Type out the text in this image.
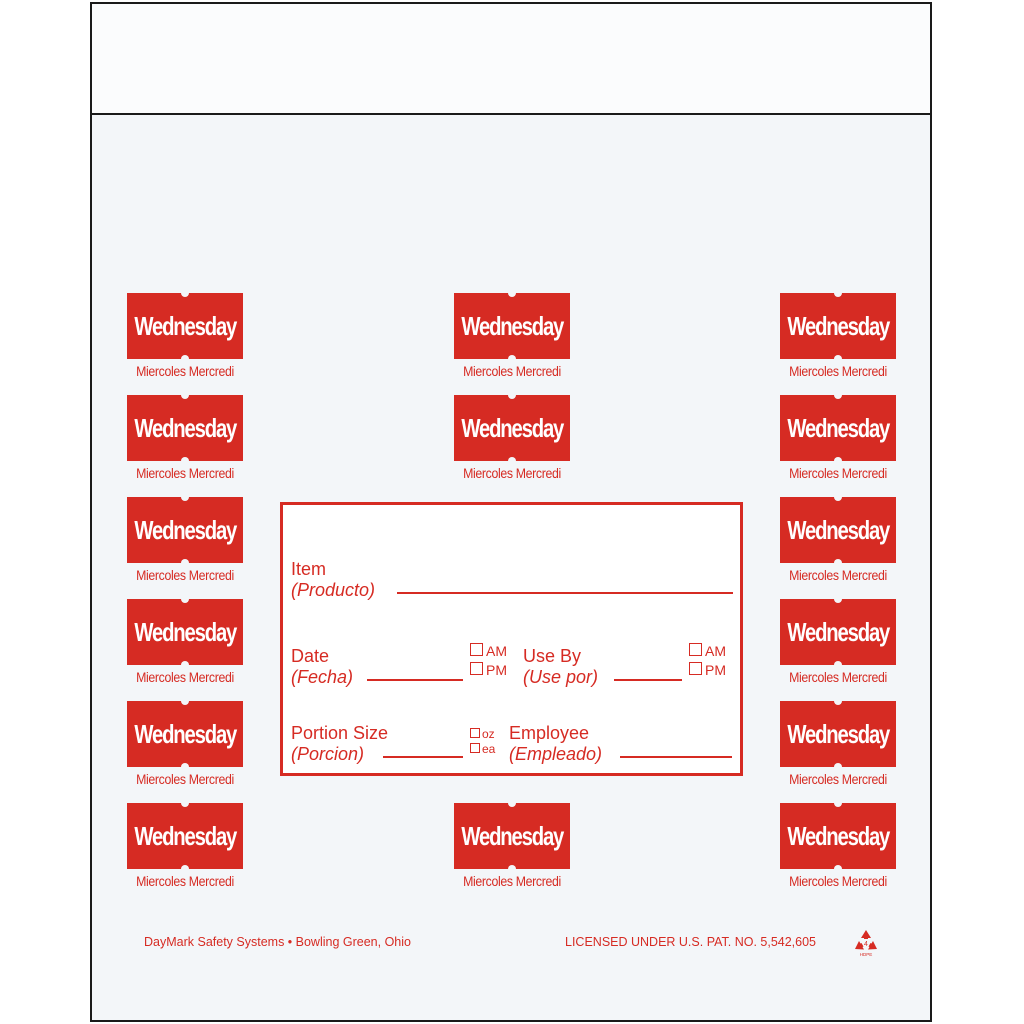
Wednesday
Miercoles Mercredi
Wednesday
Miercoles Mercredi
Wednesday
Miercoles Mercredi
Wednesday
Miercoles Mercredi
Wednesday
Miercoles Mercredi
Wednesday
Miercoles Mercredi
Wednesday
Miercoles Mercredi
Wednesday
Miercoles Mercredi
Wednesday
Miercoles Mercredi
Wednesday
Miercoles Mercredi
Wednesday
Miercoles Mercredi
Wednesday
Miercoles Mercredi
Wednesday
Miercoles Mercredi
Wednesday
Miercoles Mercredi
Wednesday
Miercoles Mercredi
Item
(Producto)
Date
(Fecha)
AM
PM
Use By
(Use por)
AM
PM
Portion Size
(Porcion)
oz
ea
Employee
(Empleado)
DayMark Safety Systems • Bowling Green, Ohio	LICENSED UNDER U.S. PAT. NO. 5,542,605	4
HDPE
